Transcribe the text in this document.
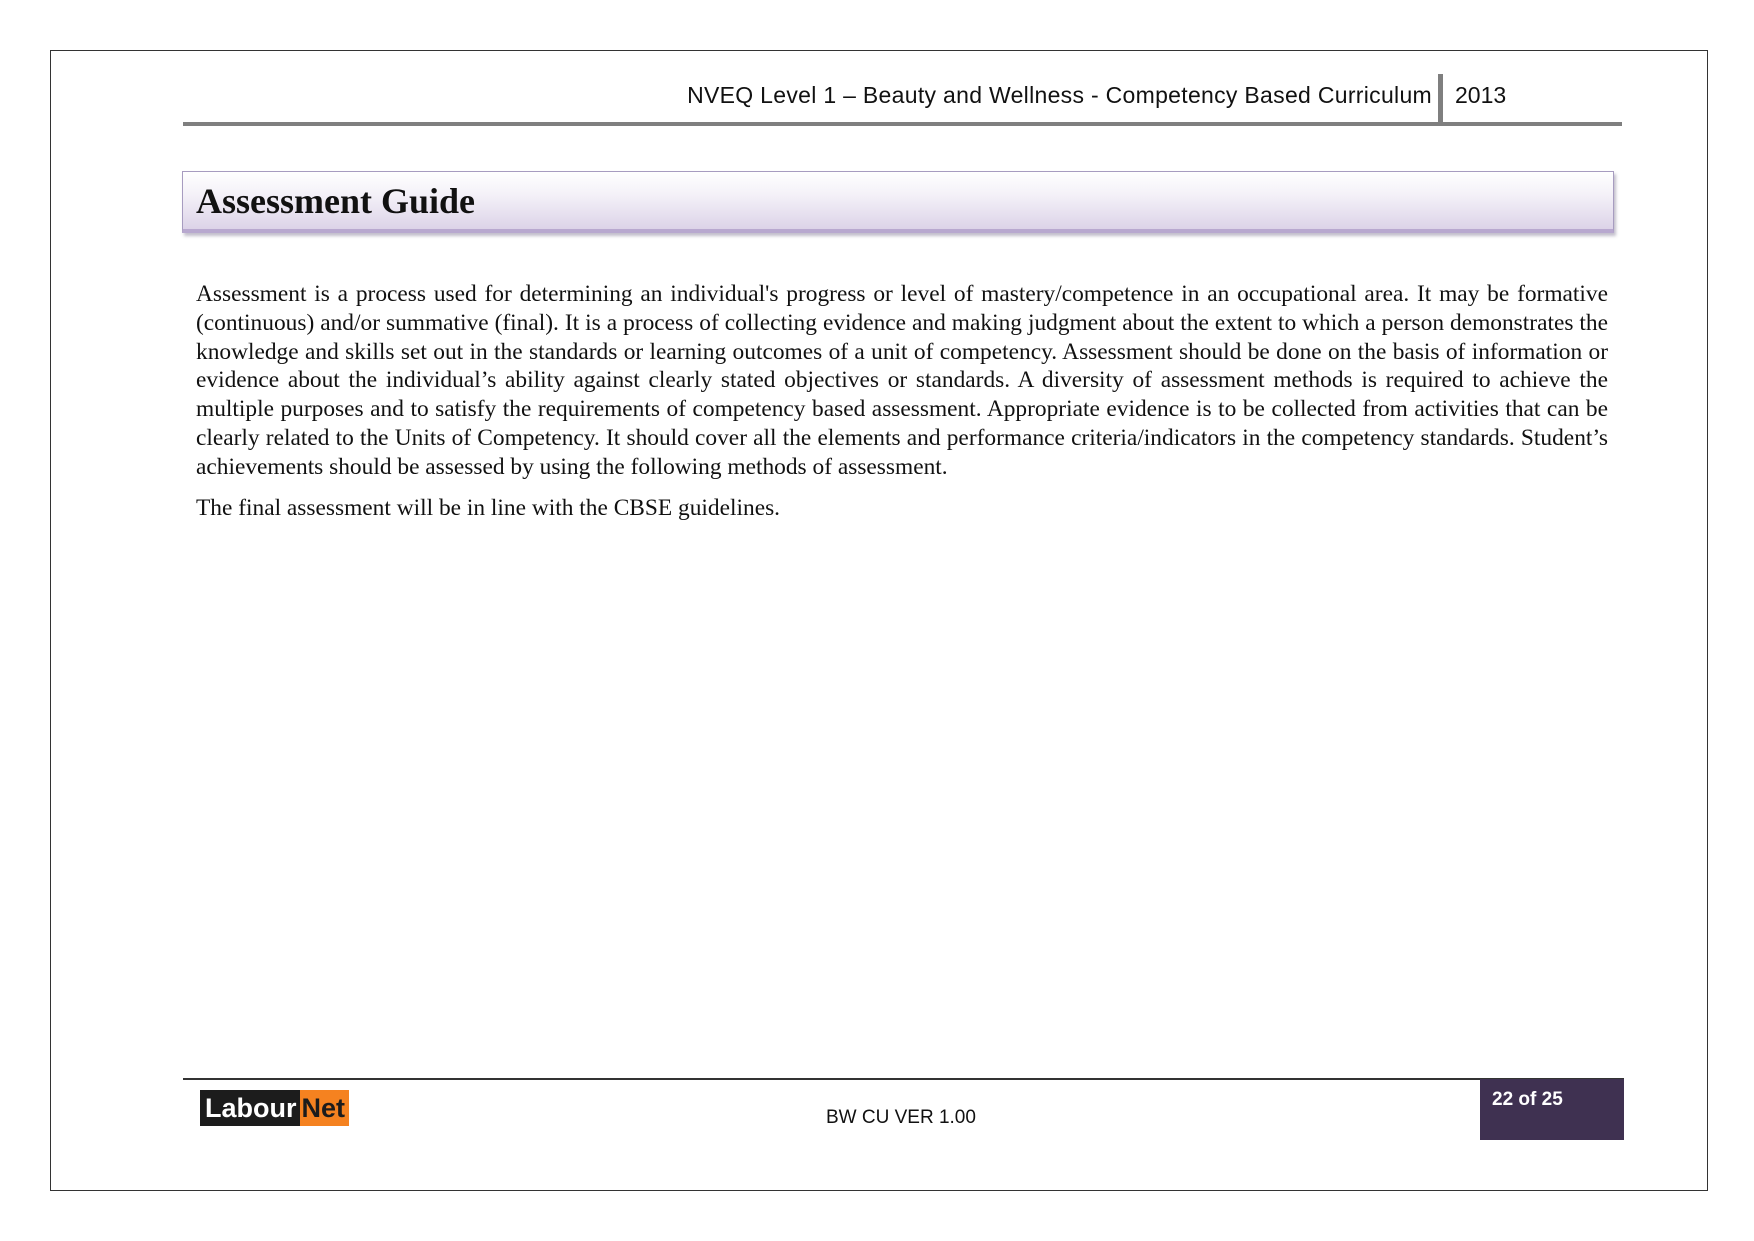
NVEQ Level 1 – Beauty and Wellness - Competency Based Curriculum 2013
Assessment Guide

Assessment is a process used for determining an individual's progress or level of mastery/competence in an occupational area. It may be formative (continuous) and/or summative (final). It is a process of collecting evidence and making judgment about the extent to which a person demonstrates the knowledge and skills set out in the standards or learning outcomes of a unit of competency. Assessment should be done on the basis of information or evidence about the individual’s ability against clearly stated objectives or standards. A diversity of assessment methods is required to achieve the multiple purposes and to satisfy the requirements of competency based assessment. Appropriate evidence is to be collected from activities that can be clearly related to the Units of Competency. It should cover all the elements and performance criteria/indicators in the competency standards. Student’s achievements should be assessed by using the following methods of assessment.

The final assessment will be in line with the CBSE guidelines.

Labour Net	BW CU VER 1.00
22 of 25
